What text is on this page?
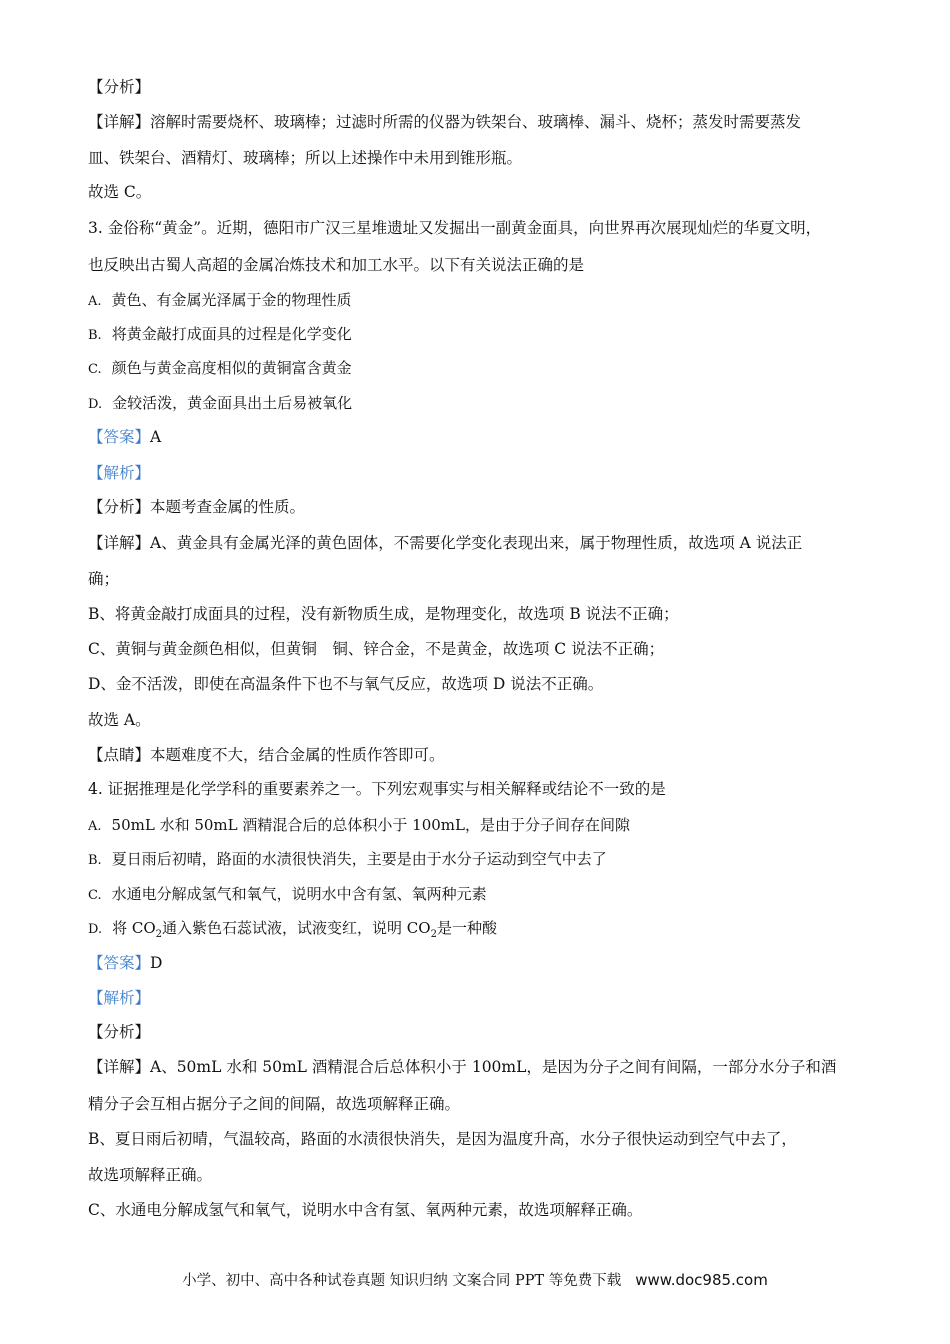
【分析】
【详解】溶解时需要烧杯、玻璃棒；过滤时所需的仪器为铁架台、玻璃棒、漏斗、烧杯；蒸发时需要蒸发
皿、铁架台、酒精灯、玻璃棒；所以上述操作中未用到锥形瓶。
故选 C。
3. 金俗称“黄金”。近期，德阳市广汉三星堆遗址又发掘出一副黄金面具，向世界再次展现灿烂的华夏文明，
也反映出古蜀人高超的金属冶炼技术和加工水平。以下有关说法正确的是
A. 黄色、有金属光泽属于金的物理性质
B. 将黄金敲打成面具的过程是化学变化
C. 颜色与黄金高度相似的黄铜富含黄金
D. 金较活泼，黄金面具出土后易被氧化
【答案】A
【解析】
【分析】本题考查金属的性质。
【详解】A、黄金具有金属光泽的黄色固体，不需要化学变化表现出来，属于物理性质，故选项 A 说法正
确；
B、将黄金敲打成面具的过程，没有新物质生成，是物理变化，故选项 B 说法不正确；
C、黄铜与黄金颜色相似，但黄铜　铜、锌合金，不是黄金，故选项 C 说法不正确；
D、金不活泼，即使在高温条件下也不与氧气反应，故选项 D 说法不正确。
故选 A。
【点睛】本题难度不大，结合金属的性质作答即可。
4. 证据推理是化学学科的重要素养之一。下列宏观事实与相关解释或结论不一致的是
A. 50mL 水和 50mL 酒精混合后的总体积小于 100mL，是由于分子间存在间隙
B. 夏日雨后初晴，路面的水渍很快消失，主要是由于水分子运动到空气中去了
C. 水通电分解成氢气和氧气，说明水中含有氢、氧两种元素
D. 将 $CO_2$通入紫色石蕊试液，试液变红，说明 $CO_2$是一种酸
【答案】D
【解析】
【分析】
【详解】A、50mL 水和 50mL 酒精混合后总体积小于 100mL，是因为分子之间有间隔，一部分水分子和酒
精分子会互相占据分子之间的间隔，故选项解释正确。
B、夏日雨后初晴，气温较高，路面的水渍很快消失，是因为温度升高，水分子很快运动到空气中去了，
故选项解释正确。
C、水通电分解成氢气和氧气，说明水中含有氢、氧两种元素，故选项解释正确。
小学、初中、高中各种试卷真题 知识归纳 文案合同 PPT 等免费下载 www.doc985.com
